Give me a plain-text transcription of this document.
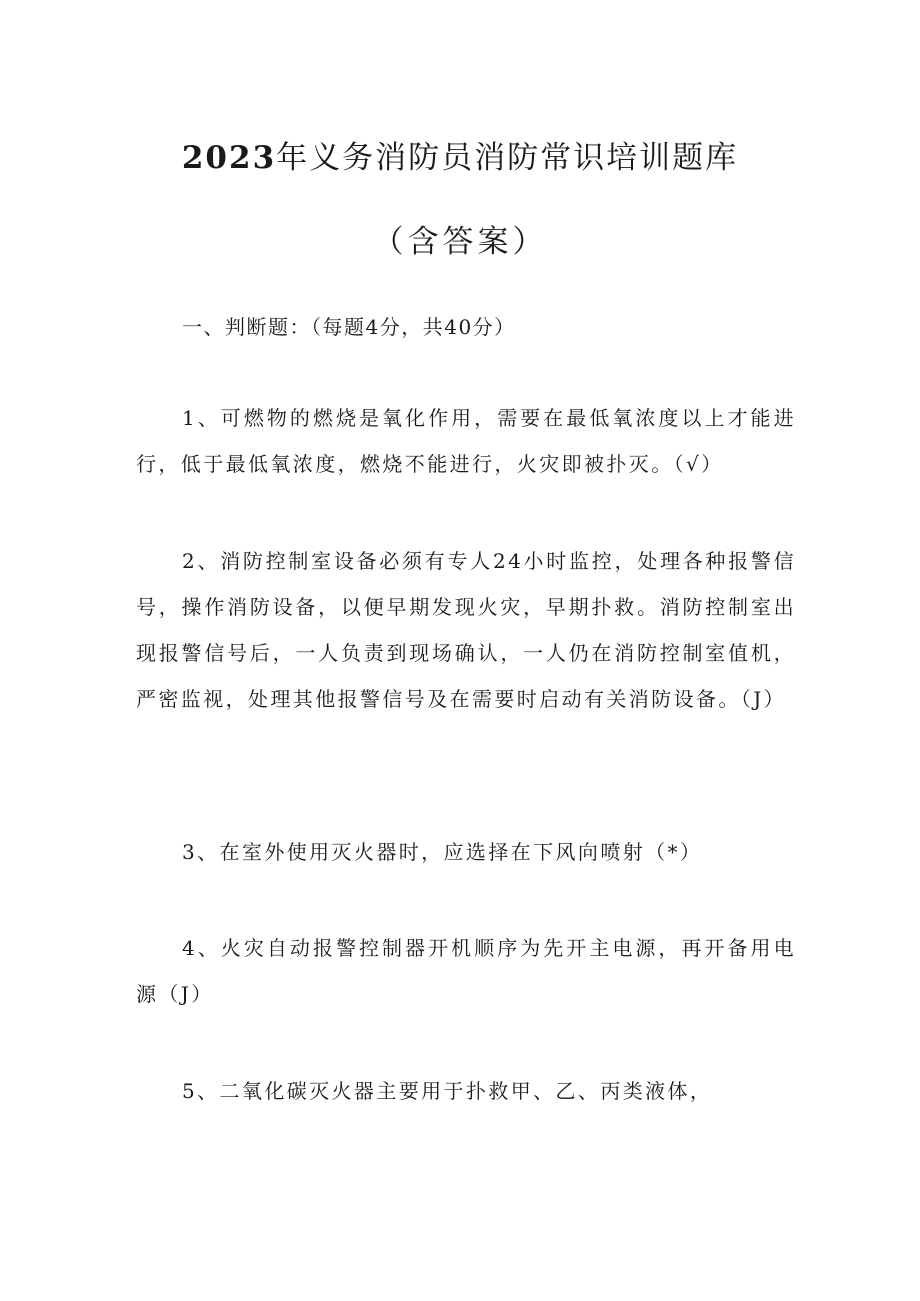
2023年义务消防员消防常识培训题库
（含答案）

一、判断题：（每题4分，共40分）

1、可燃物的燃烧是氧化作用，需要在最低氧浓度以上才能进行，低于最低氧浓度，燃烧不能进行，火灾即被扑灭。（√）

2、消防控制室设备必须有专人24小时监控，处理各种报警信号，操作消防设备，以便早期发现火灾，早期扑救。消防控制室出现报警信号后，一人负责到现场确认，一人仍在消防控制室值机，严密监视，处理其他报警信号及在需要时启动有关消防设备。（J）

3、在室外使用灭火器时，应选择在下风向喷射（*）

4、火灾自动报警控制器开机顺序为先开主电源，再开备用电源（J）

5、二氧化碳灭火器主要用于扑救甲、乙、丙类液体，
